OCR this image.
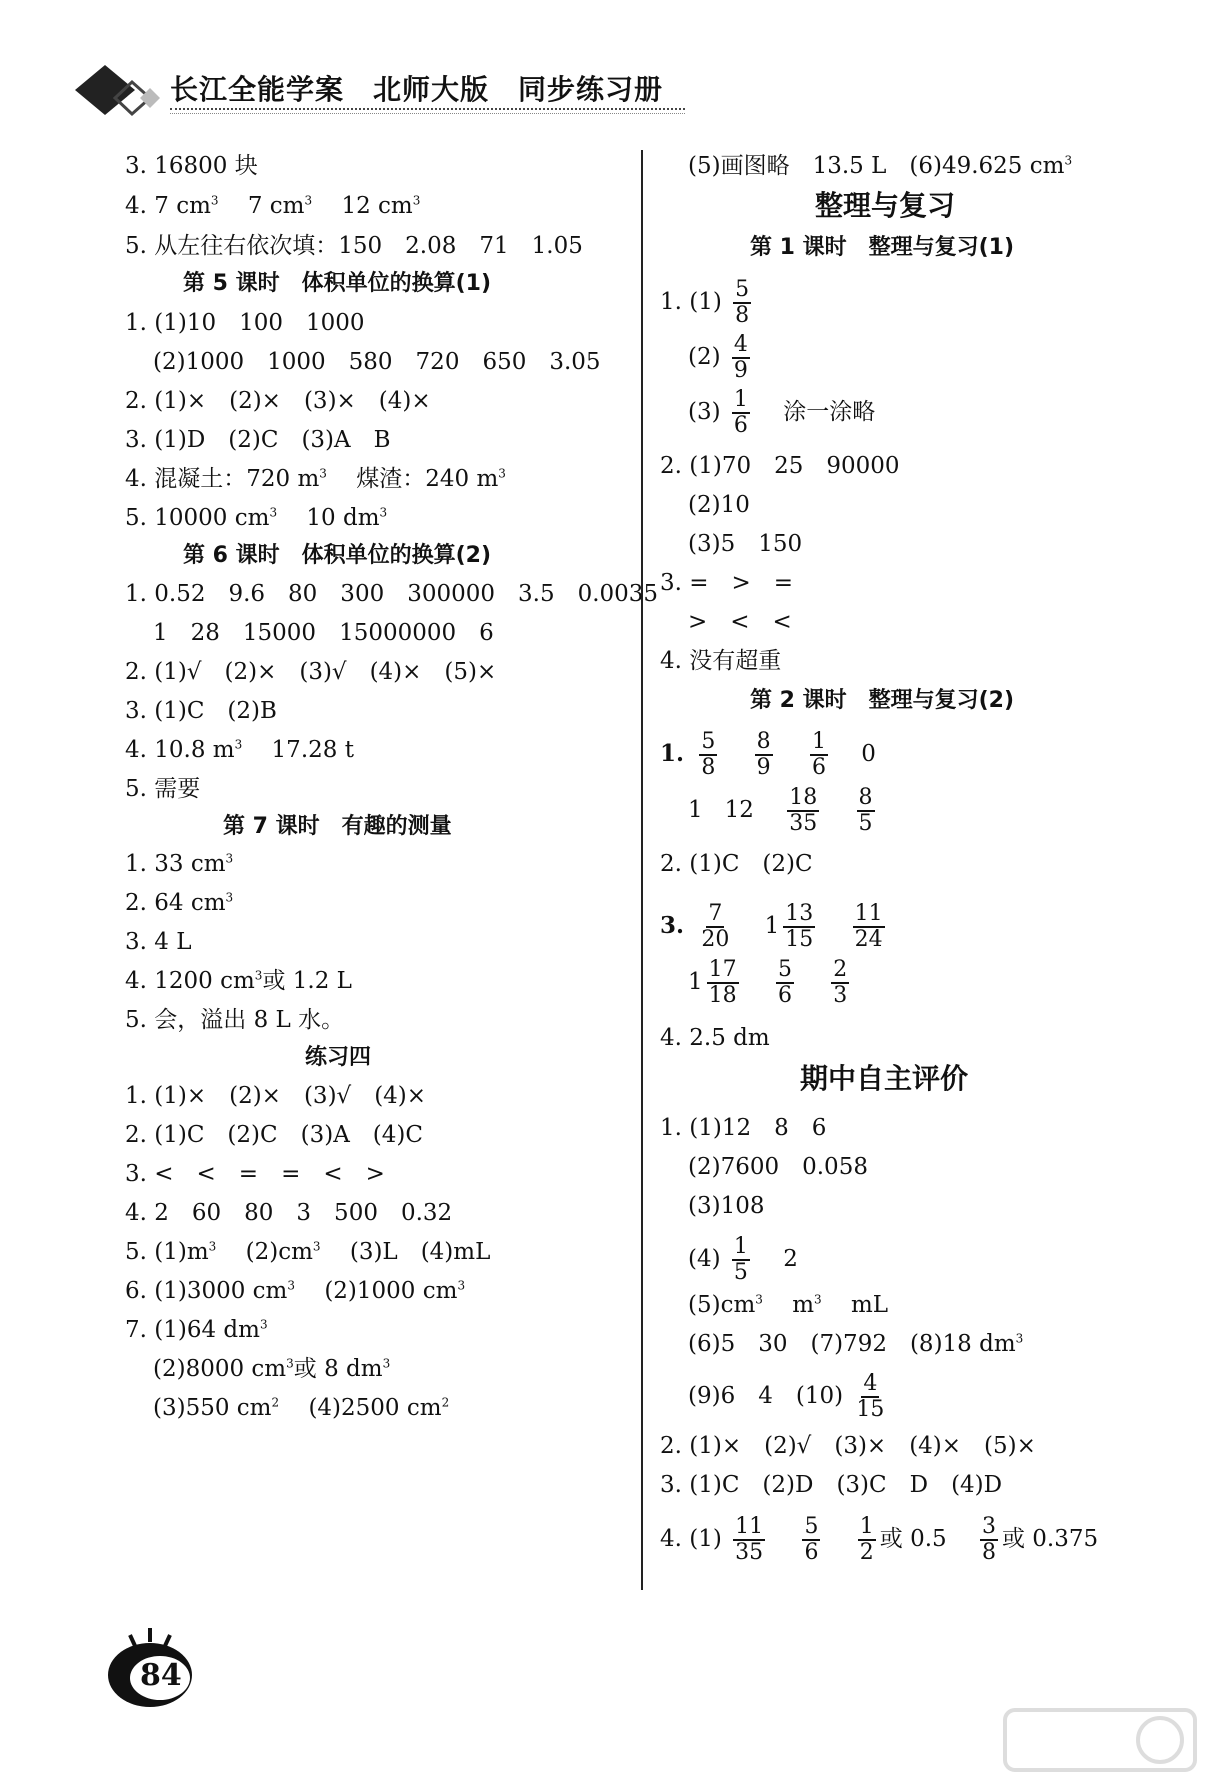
长江全能学案　北师大版　同步练习册
3. 16800 块
4. 7 $cm^3$ 7 $cm^3$ 12 $cm^3$
5. 从左往右依次填：150　2.08　71　1.05
第 5 课时　体积单位的换算(1)
1. (1)10　100　1000
(2)1000　1000　580　720　650　3.05
2. (1)×　(2)×　(3)×　(4)×
3. (1)D　(2)C　(3)A　B
4. 混凝土：720 $m^3$ 煤渣：240 $m^3$
5. 10000 $cm^3$ 10 $dm^3$
第 6 课时　体积单位的换算(2)
1. 0.52　9.6　80　300　300000　3.5　0.0035
1　28　15000　15000000　6
2. (1)√　(2)×　(3)√　(4)×　(5)×
3. (1)C　(2)B
4. 10.8 $m^3$ 17.28 t
5. 需要
第 7 课时　有趣的测量
1. 33 $cm^3$
2. 64 $cm^3$
3. 4 L
4. 1200 $cm^3$或 1.2 L
5. 会，溢出 8 L 水。
练习四
1. (1)×　(2)×　(3)√　(4)×
2. (1)C　(2)C　(3)A　(4)C
3. <　<　=　=　<　>
4. 2　60　80　3　500　0.32
5. $(1)m^3$ $(2)cm^3$ (3)L　(4)mL
6. (1)3000 $cm^3$ (2)1000 $cm^3$
7. (1)64 $dm^3$
(2)8000 $cm^3$或 8 $dm^3$
(3)550 $cm^2$ (4)2500 $cm^2$
(5)画图略　13.5 L　(6)49.625 $cm^3$
整理与复习
第 1 课时　整理与复习(1)
1. $(1) \frac{5}{8}$
$(2) \frac{4}{9}$
$(3) \frac{1}{6}$ 涂一涂略
2. (1)70　25　90000
(2)10
(3)5　150
3. =　>　=
>　<　<
4. 没有超重
第 2 课时　整理与复习(2)
1. $\frac{5}{8}$
$\frac{8}{9}$
$\frac{1}{6} 0$
1 $12 \frac{18}{35}$
$\frac{8}{5}$
2. (1)C　(2)C
3. $\frac{7}{20} 1 \frac{13}{15}$
$\frac{11}{24}$
$1 \frac{17}{18}$
$\frac{5}{6}$
$\frac{2}{3}$
4. 2.5 dm
期中自主评价
1. (1)12　8　6
(2)7600　0.058
(3)108
$(4) \frac{1}{5} 2$
$(5)cm^3$ $m^3$ mL
(6)5　30　(7)792　(8)18 $dm^3$
(9)6　4　$(10) \frac{4}{15}$
2. (1)×　(2)√　(3)×　(4)×　(5)×
3. (1)C　(2)D　(3)C　D　(4)D
4. $(1) \frac{11}{35}$
$\frac{5}{6}$
$\frac{1}{2}$ 或 $0.5 \frac{3}{8}$ 或 0.375
84
